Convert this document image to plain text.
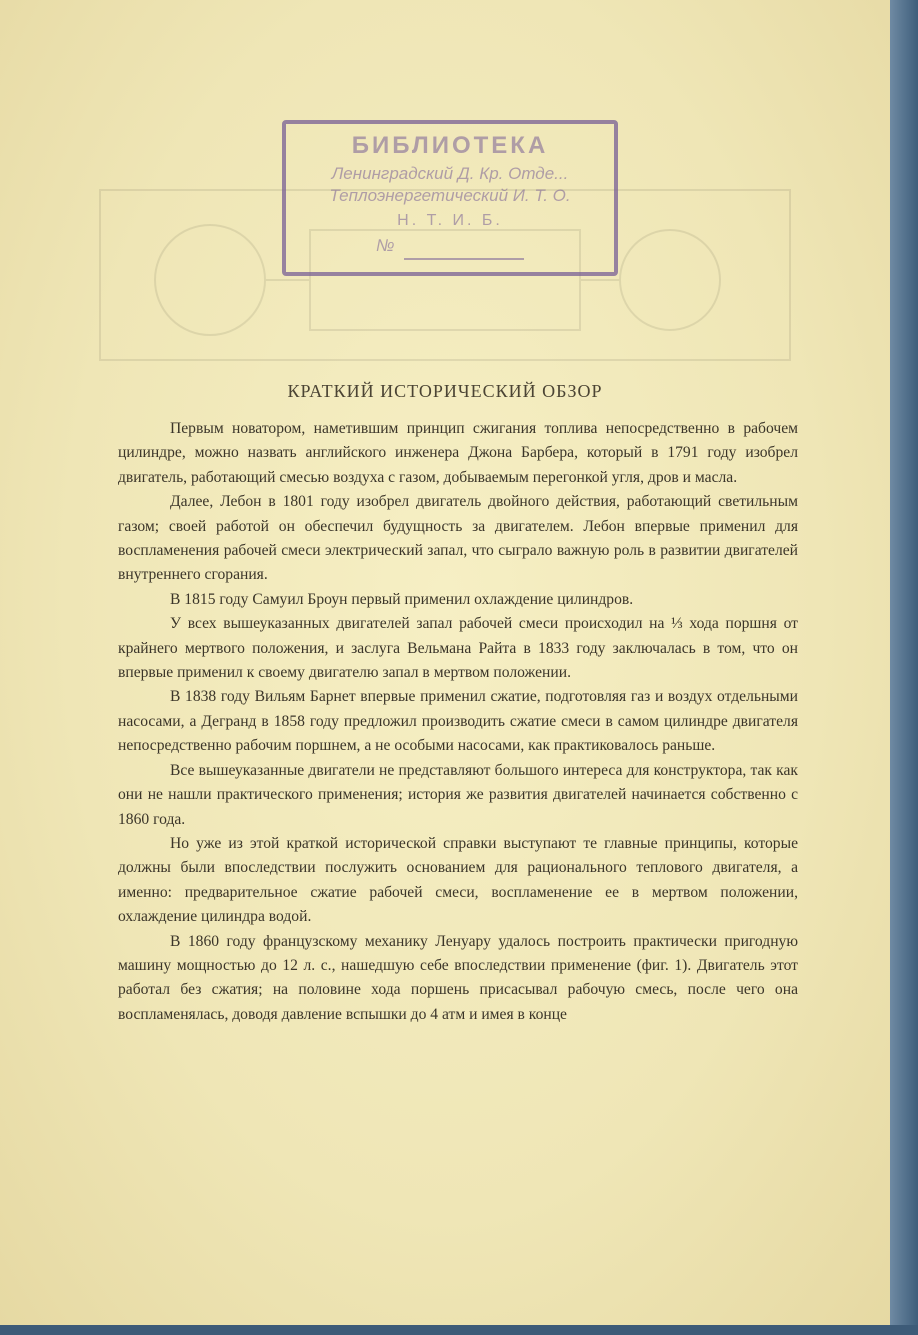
БИБЛИОТЕКА
Ленинградский Д. Кр. Отде...
Теплоэнергетический И. Т. О.
Н. Т. И. Б.
№
КРАТКИЙ ИСТОРИЧЕСКИЙ ОБЗОР

Первым новатором, наметившим принцип сжигания топлива непосредственно в рабочем цилиндре, можно назвать английского инженера Джона Барбера, который в 1791 году изобрел двигатель, работающий смесью воздуха с газом, добываемым перегонкой угля, дров и масла.

Далее, Лебон в 1801 году изобрел двигатель двойного действия, работающий светильным газом; своей работой он обеспечил будущность за двигателем. Лебон впервые применил для воспламенения рабочей смеси электрический запал, что сыграло важную роль в развитии двигателей внутреннего сгорания.

В 1815 году Самуил Броун первый применил охлаждение цилиндров.

У всех вышеуказанных двигателей запал рабочей смеси происходил на ⅓ хода поршня от крайнего мертвого положения, и заслуга Вельмана Райта в 1833 году заключалась в том, что он впервые применил к своему двигателю запал в мертвом положении.

В 1838 году Вильям Барнет впервые применил сжатие, подготовляя газ и воздух отдельными насосами, а Дегранд в 1858 году предложил производить сжатие смеси в самом цилиндре двигателя непосредственно рабочим поршнем, а не особыми насосами, как практиковалось раньше.

Все вышеуказанные двигатели не представляют большого интереса для конструктора, так как они не нашли практического применения; история же развития двигателей начинается собственно с 1860 года.

Но уже из этой краткой исторической справки выступают те главные принципы, которые должны были впоследствии послужить основанием для рационального теплового двигателя, а именно: предварительное сжатие рабочей смеси, воспламенение ее в мертвом положении, охлаждение цилиндра водой.

В 1860 году французскому механику Ленуару удалось построить практически пригодную машину мощностью до 12 л. с., нашедшую себе впоследствии применение (фиг. 1). Двигатель этот работал без сжатия; на половине хода поршень присасывал рабочую смесь, после чего она воспламенялась, доводя давление вспышки до 4 атм и имея в конце
